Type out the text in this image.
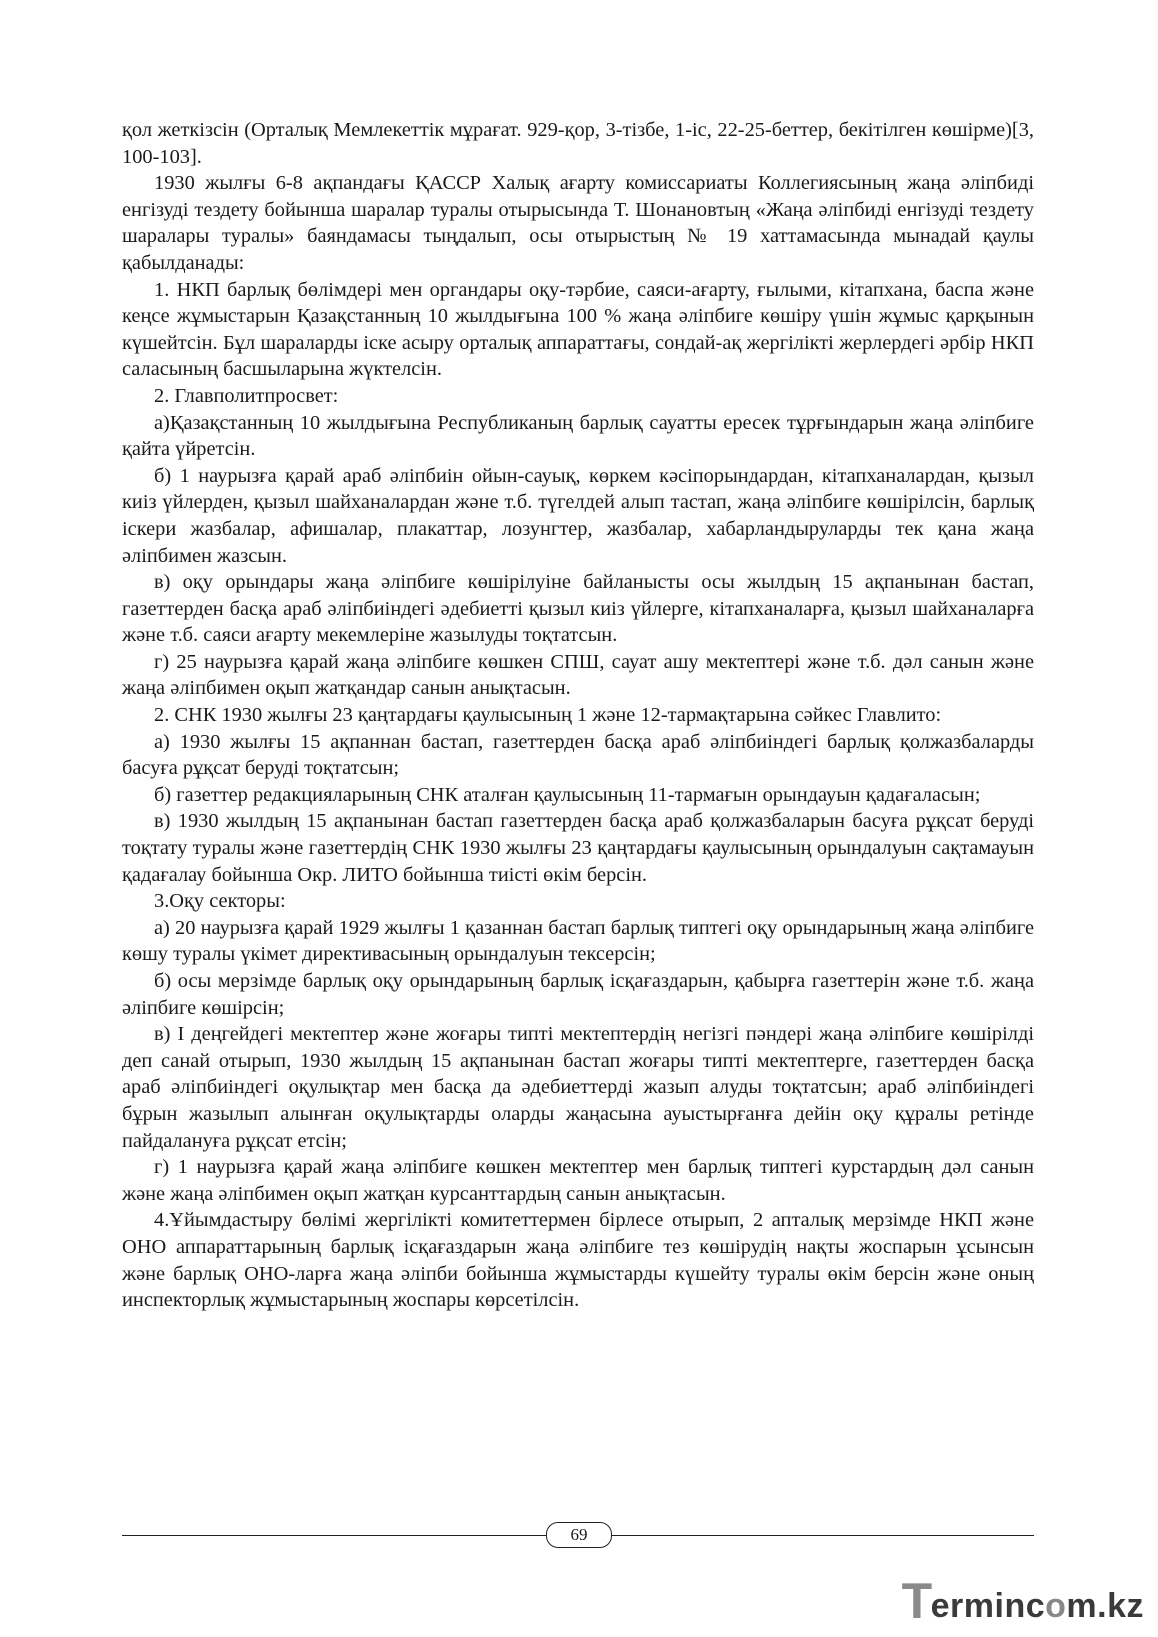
қол жеткізсін (Орталық Мемлекеттік мұрағат. 929-қор, 3-тізбе, 1-іс, 22-25-беттер, бекітілген көшірме)[3, 100-103].

1930 жылғы 6-8 ақпандағы ҚАССР Халық ағарту комиссариаты Коллегиясының жаңа әліпбиді енгізуді тездету бойынша шаралар туралы отырысында Т. Шонановтың «Жаңа әліпбиді енгізуді тездету шаралары туралы» баяндамасы тыңдалып, осы отырыстың № 19 хаттамасында мынадай қаулы қабылданады:

1. НКП барлық бөлімдері мен органдары оқу-тәрбие, саяси-ағарту, ғылыми, кітапхана, баспа және кеңсе жұмыстарын Қазақстанның 10 жылдығына 100 % жаңа әліпбиге көшіру үшін жұмыс қарқынын күшейтсін. Бұл шараларды іске асыру орталық аппараттағы, сондай-ақ жергілікті жерлердегі әрбір НКП саласының басшыларына жүктелсін.

2. Главполитпросвет:

а)Қазақстанның 10 жылдығына Республиканың барлық сауатты ересек тұрғындарын жаңа әліпбиге қайта үйретсін.

б) 1 наурызға қарай араб әліпбиін ойын-сауық, көркем кәсіпорындардан, кітапханалардан, қызыл киіз үйлерден, қызыл шайханалардан және т.б. түгелдей алып тастап, жаңа әліпбиге көшірілсін, барлық іскери жазбалар, афишалар, плакаттар, лозунгтер, жазбалар, хабарландыруларды тек қана жаңа әліпбимен жазсын.

в) оқу орындары жаңа әліпбиге көшірілуіне байланысты осы жылдың 15 ақпанынан бастап, газеттерден басқа араб әліпбиіндегі әдебиетті қызыл киіз үйлерге, кітапханаларға, қызыл шайханаларға және т.б. саяси ағарту мекемлеріне жазылуды тоқтатсын.

г) 25 наурызға қарай жаңа әліпбиге көшкен СПШ, сауат ашу мектептері және т.б. дәл санын және жаңа әліпбимен оқып жатқандар санын анықтасын.

2. СНК 1930 жылғы 23 қаңтардағы қаулысының 1 және 12-тармақтарына сәйкес Главлито:

а) 1930 жылғы 15 ақпаннан бастап, газеттерден басқа араб әліпбиіндегі барлық қолжазбаларды басуға рұқсат беруді тоқтатсын;

б) газеттер редакцияларының СНК аталған қаулысының 11-тармағын орындауын қадағаласын;

в) 1930 жылдың 15 ақпанынан бастап газеттерден басқа араб қолжазбаларын басуға рұқсат беруді тоқтату туралы және газеттердің СНК 1930 жылғы 23 қаңтардағы қаулысының орындалуын сақтамауын қадағалау бойынша Окр. ЛИТО бойынша тиісті өкім берсін.

3.Оқу секторы:

а) 20 наурызға қарай 1929 жылғы 1 қазаннан бастап барлық типтегі оқу орындарының жаңа әліпбиге көшу туралы үкімет директивасының орындалуын тексерсін;

б) осы мерзімде барлық оқу орындарының барлық іcқағаздарын, қабырға газеттерін және т.б. жаңа әліпбиге көшірсін;

в) I деңгейдегі мектептер және жоғары типті мектептердің негізгі пәндері жаңа әліпбиге көшірілді деп санай отырып, 1930 жылдың 15 ақпанынан бастап жоғары типті мектептерге, газеттерден басқа араб әліпбиіндегі оқулықтар мен басқа да әдебиеттерді жазып алуды тоқтатсын; араб әліпбиіндегі бұрын жазылып алынған оқулықтарды оларды жаңасына ауыстырғанға дейін оқу құралы ретінде пайдалануға рұқсат етсін;

г) 1 наурызға қарай жаңа әліпбиге көшкен мектептер мен барлық типтегі курстардың дәл санын және жаңа әліпбимен оқып жатқан курсанттардың санын анықтасын.

4.Ұйымдастыру бөлімі жергілікті комитеттермен бірлесе отырып, 2 апталық мерзімде НКП және ОНО аппараттарының барлық іcқағаздарын жаңа әліпбиге тез көшірудің нақты жоспарын ұсынсын және барлық ОНО-ларға жаңа әліпби бойынша жұмыстарды күшейту туралы өкім берсін және оның инспекторлық жұмыстарының жоспары көрсетілсін.

69
T
ermincom.kz
